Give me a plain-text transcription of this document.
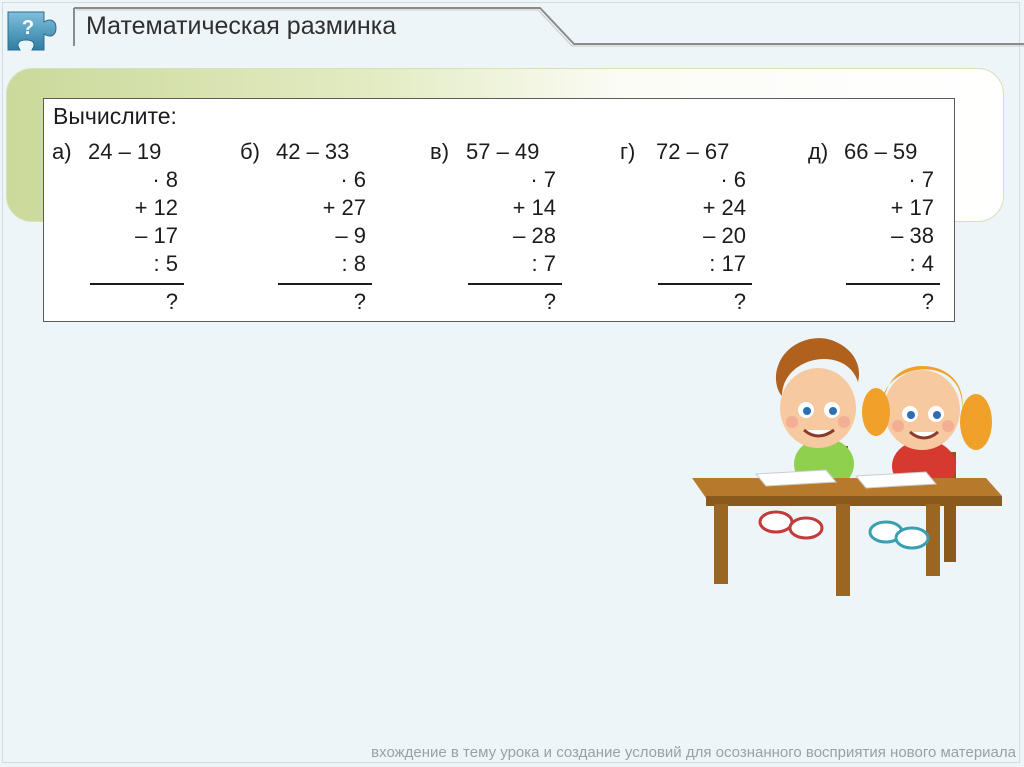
? Математическая разминка
Вычислите:
а) 24 – 19
· 8
+ 12
– 17
: 5
?
б) 42 – 33
· 6
+ 27
– 9
: 8
?
в) 57 – 49
· 7
+ 14
– 28
: 7
?
г) 72 – 67
· 6
+ 24
– 20
: 17
?
д) 66 – 59
· 7
+ 17
– 38
: 4
?
вхождение в тему урока и создание условий для осознанного восприятия нового материала
